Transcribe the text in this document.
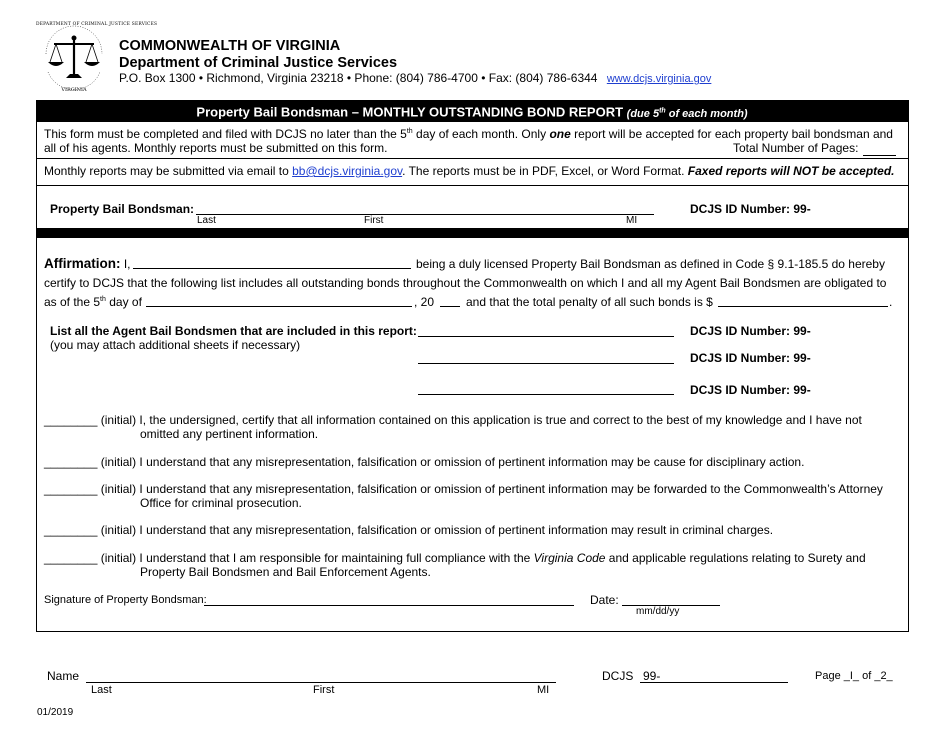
DEPARTMENT OF CRIMINAL JUSTICE SERVICES
VIRGINIA
COMMONWEALTH OF VIRGINIA
Department of Criminal Justice Services
P.O. Box 1300 • Richmond, Virginia 23218 • Phone: (804) 786-4700 • Fax: (804) 786-6344 www.dcjs.virginia.gov
Property Bail Bondsman – MONTHLY OUTSTANDING BOND REPORT (due 5th of each month)
This form must be completed and filed with DCJS no later than the 5th day of each month. Only one report will be accepted for each property bail bondsman and
all of his agents. Monthly reports must be submitted on this form.	Total Number of Pages:
Monthly reports may be submitted via email to bb@dcjs.virginia.gov. The reports must be in PDF, Excel, or Word Format. Faxed reports will NOT be accepted.
Property Bail Bondsman:
Last	First	MI
DCJS ID Number: 99-
Affirmation: I,	being a duly licensed Property Bail Bondsman as defined in Code § 9.1-185.5 do hereby
certify to DCJS that the following list includes all outstanding bonds throughout the Commonwealth on which I and all my Agent Bail Bondsmen are obligated to
as of the 5th day of	, 20	and that the total penalty of all such bonds is $	.
List all the Agent Bail Bondsmen that are included in this report:
(you may attach additional sheets if necessary)
DCJS ID Number: 99-
DCJS ID Number: 99-
DCJS ID Number: 99-
________ (initial) I, the undersigned, certify that all information contained on this application is true and correct to the best of my knowledge and I have not
omitted any pertinent information.
________ (initial) I understand that any misrepresentation, falsification or omission of pertinent information may be cause for disciplinary action.
________ (initial) I understand that any misrepresentation, falsification or omission of pertinent information may be forwarded to the Commonwealth’s Attorney
Office for criminal prosecution.
________ (initial) I understand that any misrepresentation, falsification or omission of pertinent information may result in criminal charges.
________ (initial) I understand that I am responsible for maintaining full compliance with the Virginia Code and applicable regulations relating to Surety and
Property Bail Bondsmen and Bail Enforcement Agents.
Signature of Property Bondsman:	Date:
mm/dd/yy
Name
Last	First	MI
DCJS 99-	Page _I_ of _2_
01/2019
